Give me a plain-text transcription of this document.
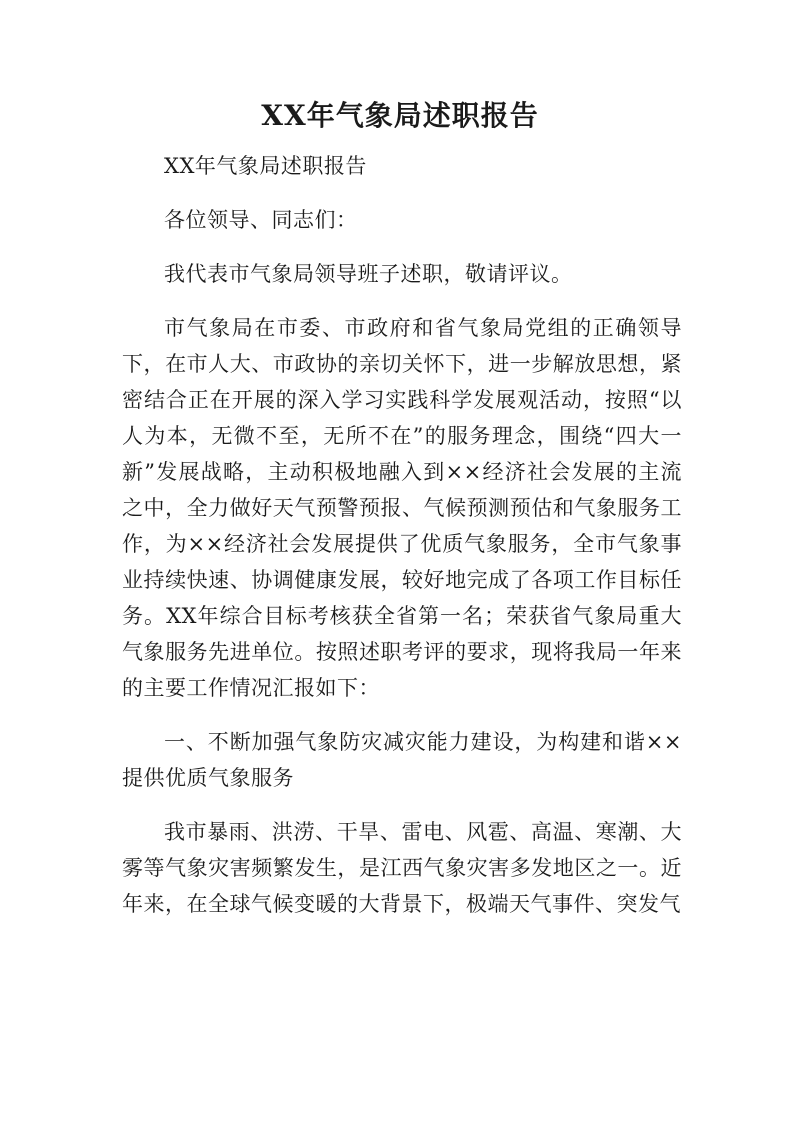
XX年气象局述职报告

XX年气象局述职报告

各位领导、同志们：

我代表市气象局领导班子述职，敬请评议。

市气象局在市委、市政府和省气象局党组的正确领导下，在市人大、市政协的亲切关怀下，进一步解放思想，紧密结合正在开展的深入学习实践科学发展观活动，按照“以人为本，无微不至，无所不在”的服务理念，围绕“四大一新”发展战略，主动积极地融入到××经济社会发展的主流之中，全力做好天气预警预报、气候预测预估和气象服务工作，为××经济社会发展提供了优质气象服务，全市气象事业持续快速、协调健康发展，较好地完成了各项工作目标任务。XX年综合目标考核获全省第一名；荣获省气象局重大气象服务先进单位。按照述职考评的要求，现将我局一年来的主要工作情况汇报如下：

一、不断加强气象防灾减灾能力建设，为构建和谐××提供优质气象服务

我市暴雨、洪涝、干旱、雷电、风雹、高温、寒潮、大雾等气象灾害频繁发生，是江西气象灾害多发地区之一。近年来，在全球气候变暖的大背景下，极端天气事件、突发气
